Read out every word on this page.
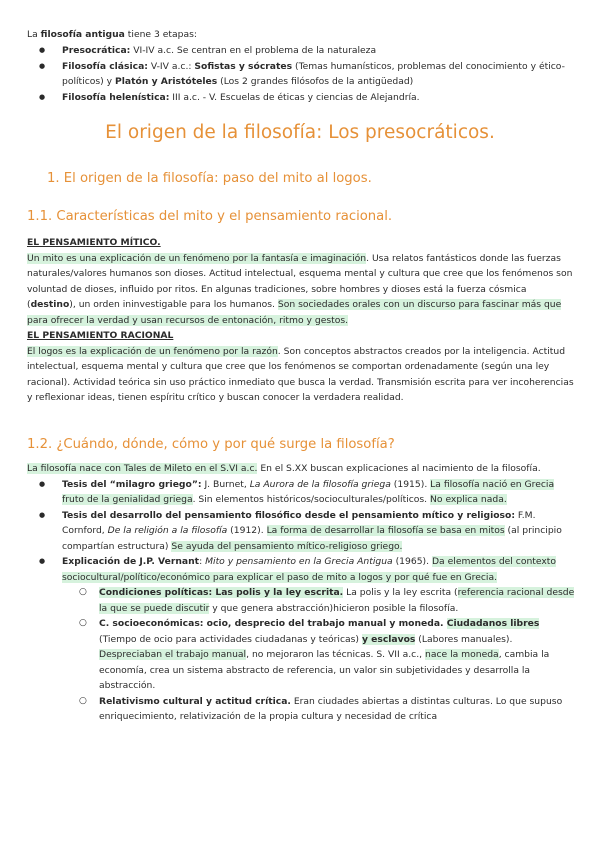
La filosofía antigua tiene 3 etapas:
● Presocrática: VI-IV a.c. Se centran en el problema de la naturaleza
● Filosofía clásica: V-IV a.c.: Sofistas y sócrates (Temas humanísticos, problemas del conocimiento y ético-políticos) y Platón y Aristóteles (Los 2 grandes filósofos de la antigüedad)
● Filosofía helenística: III a.c. - V. Escuelas de éticas y ciencias de Alejandría.
El origen de la filosofía: Los presocráticos.
1. El origen de la filosofía: paso del mito al logos.
1.1. Características del mito y el pensamiento racional.
EL PENSAMIENTO MÍTICO.
Un mito es una explicación de un fenómeno por la fantasía e imaginación. Usa relatos fantásticos donde las fuerzas naturales/valores humanos son dioses. Actitud intelectual, esquema mental y cultura que cree que los fenómenos son voluntad de dioses, influido por ritos. En algunas tradiciones, sobre hombres y dioses está la fuerza cósmica (destino), un orden ininvestigable para los humanos. Son sociedades orales con un discurso para fascinar más que para ofrecer la verdad y usan recursos de entonación, ritmo y gestos.
EL PENSAMIENTO RACIONAL
El logos es la explicación de un fenómeno por la razón. Son conceptos abstractos creados por la inteligencia. Actitud intelectual, esquema mental y cultura que cree que los fenómenos se comportan ordenadamente (según una ley racional). Actividad teórica sin uso práctico inmediato que busca la verdad. Transmisión escrita para ver incoherencias y reflexionar ideas, tienen espíritu crítico y buscan conocer la verdadera realidad.
1.2. ¿Cuándo, dónde, cómo y por qué surge la filosofía?
La filosofía nace con Tales de Mileto en el S.VI a.c. En el S.XX buscan explicaciones al nacimiento de la filosofía.
● Tesis del “milagro griego”: J. Burnet, La Aurora de la filosofía griega (1915). La filosofía nació en Grecia fruto de la genialidad griega. Sin elementos históricos/socioculturales/políticos. No explica nada.
● Tesis del desarrollo del pensamiento filosófico desde el pensamiento mítico y religioso: F.M. Cornford, De la religión a la filosofía (1912). La forma de desarrollar la filosofía se basa en mitos (al principio compartían estructura) Se ayuda del pensamiento mítico-religioso griego.
● Explicación de J.P. Vernant: Mito y pensamiento en la Grecia Antigua (1965). Da elementos del contexto sociocultural/político/económico para explicar el paso de mito a logos y por qué fue en Grecia.
○ Condiciones políticas: Las polis y la ley escrita. La polis y la ley escrita (referencia racional desde la que se puede discutir y que genera abstracción)hicieron posible la filosofía.
○ C. socioeconómicas: ocio, desprecio del trabajo manual y moneda. Ciudadanos libres (Tiempo de ocio para actividades ciudadanas y teóricas) y esclavos (Labores manuales). Despreciaban el trabajo manual, no mejoraron las técnicas. S. VII a.c., nace la moneda, cambia la economía, crea un sistema abstracto de referencia, un valor sin subjetividades y desarrolla la abstracción.
○ Relativismo cultural y actitud crítica. Eran ciudades abiertas a distintas culturas. Lo que supuso enriquecimiento, relativización de la propia cultura y necesidad de crítica
